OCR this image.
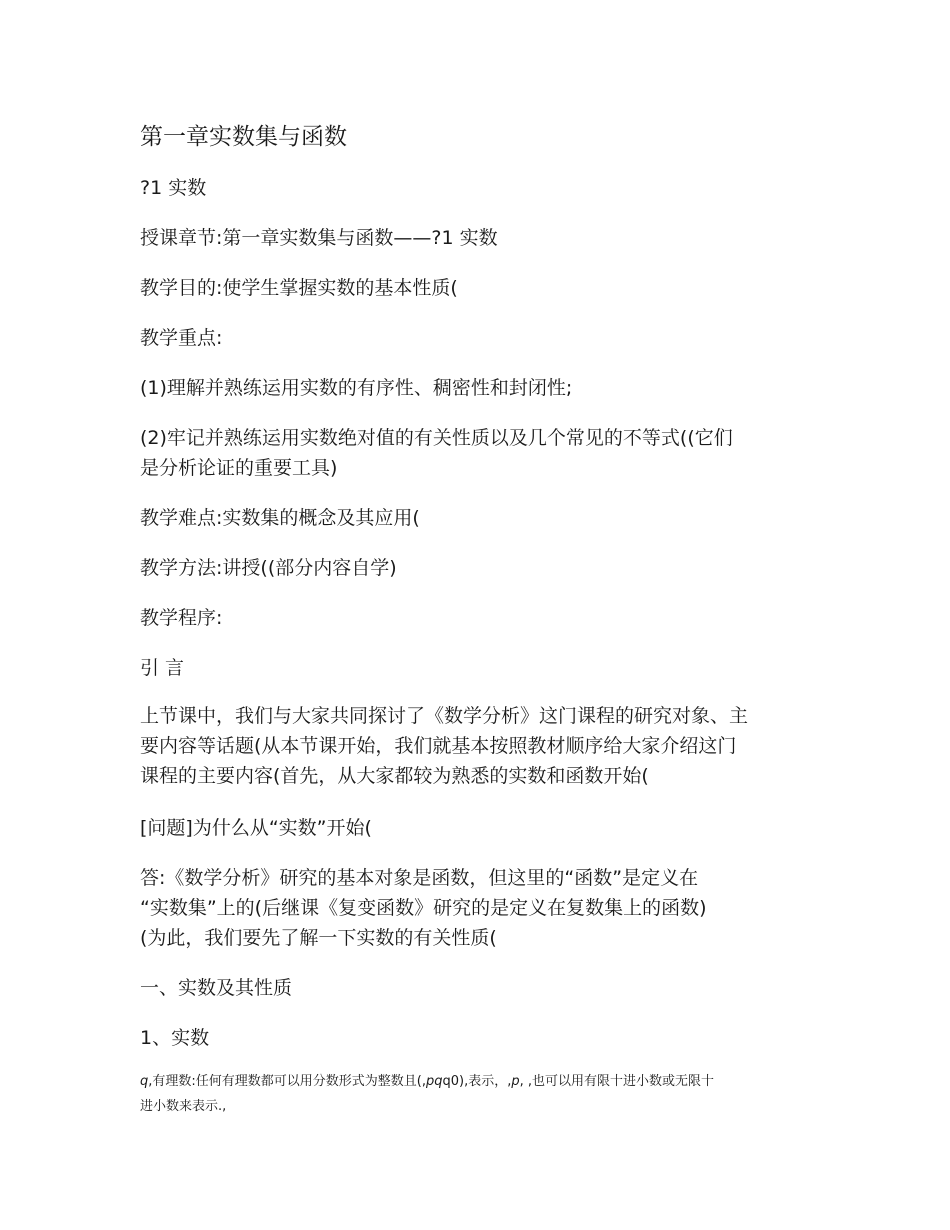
第一章实数集与函数

?1 实数

授课章节:第一章实数集与函数——?1 实数

教学目的:使学生掌握实数的基本性质(

教学重点:

(1)理解并熟练运用实数的有序性、稠密性和封闭性;

(2)牢记并熟练运用实数绝对值的有关性质以及几个常见的不等式((它们

是分析论证的重要工具)

教学难点:实数集的概念及其应用(

教学方法:讲授((部分内容自学)

教学程序:

引 言

上节课中，我们与大家共同探讨了《数学分析》这门课程的研究对象、主

要内容等话题(从本节课开始，我们就基本按照教材顺序给大家介绍这门

课程的主要内容(首先，从大家都较为熟悉的实数和函数开始(

[问题]为什么从“实数”开始(

答:《数学分析》研究的基本对象是函数，但这里的“函数”是定义在

“实数集”上的(后继课《复变函数》研究的是定义在复数集上的函数)

(为此，我们要先了解一下实数的有关性质(

一、实数及其性质

1、实数

q,有理数:任何有理数都可以用分数形式为整数且(,pqq0),表示，,p, ,也可以用有限十进小数或无限十

进小数来表示.,
